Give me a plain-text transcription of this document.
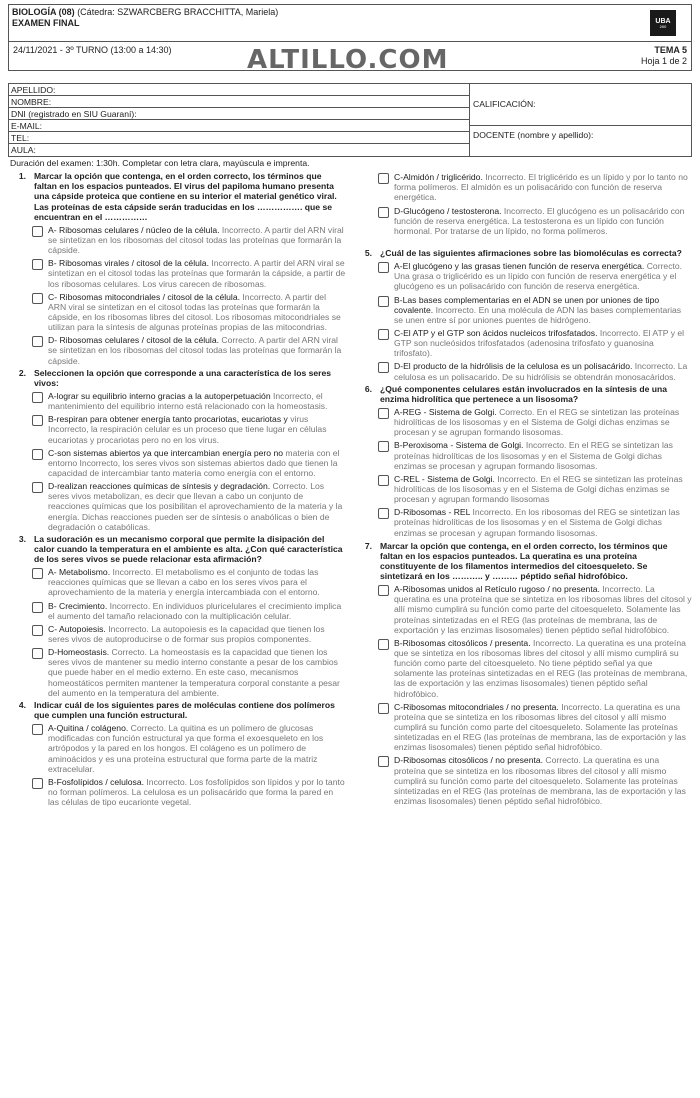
BIOLOGÍA (08) (Cátedra: SZWARCBERG BRACCHITTA, Mariela)
EXAMEN FINAL	UBA
200
24/11/2021 - 3º TURNO (13:00 a 14:30)	ALTILLO.COM	TEMA 5
Hoja 1 de 2
APELLIDO:
NOMBRE:
DNI (registrado en SIU Guaraní):
E-MAIL:
TEL:
AULA:
CALIFICACIÓN:
DOCENTE (nombre y apellido):
Duración del examen: 1:30h. Completar con letra clara, mayúscula e imprenta.
1. Marcar la opción que contenga, en el orden correcto, los términos que faltan en los espacios punteados. El virus del papiloma humano presenta una cápside proteica que contiene en su interior el material genético viral. Las proteínas de esta cápside serán traducidas en los ……………. que se encuentran en el ……………
A- Ribosomas celulares / núcleo de la célula. Incorrecto. A partir del ARN viral se sintetizan en los ribosomas del citosol todas las proteínas que formarán la cápside.
B- Ribosomas virales / citosol de la célula. Incorrecto. A partir del ARN viral se sintetizan en el citosol todas las proteínas que formarán la cápside, a partir de los ribosomas celulares. Los virus carecen de ribosomas.
C- Ribosomas mitocondriales / citosol de la célula. Incorrecto. A partir del ARN viral se sintetizan en el citosol todas las proteínas que formarán la cápside, en los ribosomas libres del citosol. Los ribosomas mitocondriales se utilizan para la síntesis de algunas proteínas propias de las mitocondrias.
D- Ribosomas celulares / citosol de la célula. Correcto. A partir del ARN viral se sintetizan en los ribosomas del citosol todas las proteínas que formarán la cápside.
2. Seleccionen la opción que corresponde a una característica de los seres vivos:
A-lograr su equilibrio interno gracias a la autoperpetuación Incorrecto, el mantenimiento del equilibrio interno está relacionado con la homeostasis.
B-respiran para obtener energía tanto procariotas, eucariotas y virus Incorrecto, la respiración celular es un proceso que tiene lugar en células eucariotas y procariotas pero no en los virus.
C-son sistemas abiertos ya que intercambian energía pero no materia con el entorno Incorrecto, los seres vivos son sistemas abiertos dado que tienen la capacidad de intercambiar tanto materia como energía con el entorno.
D-realizan reacciones químicas de síntesis y degradación. Correcto. Los seres vivos metabolizan, es decir que llevan a cabo un conjunto de reacciones químicas que los posibilitan el aprovechamiento de la materia y la energía. Dichas reacciones pueden ser de síntesis o anabólicas o bien de degradación o catabólicas.
3. La sudoración es un mecanismo corporal que permite la disipación del calor cuando la temperatura en el ambiente es alta. ¿Con qué característica de los seres vivos se puede relacionar esta afirmación?
A- Metabolismo. Incorrecto. El metabolismo es el conjunto de todas las reacciones químicas que se llevan a cabo en los seres vivos para el aprovechamiento de la materia y energía intercambiada con el entorno.
B- Crecimiento. Incorrecto. En individuos pluricelulares el crecimiento implica el aumento del tamaño relacionado con la multiplicación celular.
C- Autopoiesis. Incorrecto. La autopoiesis es la capacidad que tienen los seres vivos de autoproducirse o de formar sus propios componentes.
D-Homeostasis. Correcto. La homeostasis es la capacidad que tienen los seres vivos de mantener su medio interno constante a pesar de los cambios que puede haber en el medio externo. En este caso, mecanismos homeostáticos permiten mantener la temperatura corporal constante a pesar del aumento en la temperatura del ambiente.
4. Indicar cuál de los siguientes pares de moléculas contiene dos polímeros que cumplen una función estructural.
A-Quitina / colágeno. Correcto. La quitina es un polímero de glucosas modificadas con función estructural ya que forma el exoesqueleto en los artrópodos y la pared en los hongos. El colágeno es un polímero de aminoácidos y es una proteína estructural que forma parte de la matriz extracelular.
B-Fosfolípidos / celulosa. Incorrecto. Los fosfolípidos son lípidos y por lo tanto no forman polímeros. La celulosa es un polisacárido que forma la pared en las células de tipo eucarionte vegetal.
C-Almidón / triglicérido. Incorrecto. El triglicérido es un lípido y por lo tanto no forma polímeros. El almidón es un polisacárido con función de reserva energética.
D-Glucógeno / testosterona. Incorrecto. El glucógeno es un polisacárido con función de reserva energética. La testosterona es un lípido con función hormonal. Por tratarse de un lípido, no forma polímeros.
5. ¿Cuál de las siguientes afirmaciones sobre las biomoléculas es correcta?
A-El glucógeno y las grasas tienen función de reserva energética. Correcto. Una grasa o triglicérido es un lípido con función de reserva energética y el glucógeno es un polisacárido con función de reserva energética.
B-Las bases complementarias en el ADN se unen por uniones de tipo covalente. Incorrecto. En una molécula de ADN las bases complementarias se unen entre sí por uniones puentes de hidrógeno.
C-El ATP y el GTP son ácidos nucleicos trifosfatados. Incorrecto. El ATP y el GTP son nucleósidos trifosfatados (adenosina trifosfato y guanosina trifosfato).
D-El producto de la hidrólisis de la celulosa es un polisacárido. Incorrecto. La celulosa es un polisacarido. De su hidrólisis se obtendrán monosacáridos.
6. ¿Qué componentes celulares están involucrados en la síntesis de una enzima hidrolítica que pertenece a un lisosoma?
A-REG - Sistema de Golgi. Correcto. En el REG se sintetizan las proteínas hidrolíticas de los lisosomas y en el Sistema de Golgi dichas enzimas se procesan y se agrupan formando lisosomas.
B-Peroxisoma - Sistema de Golgi. Incorrecto. En el REG se sintetizan las proteínas hidrolíticas de los lisosomas y en el Sistema de Golgi dichas enzimas se procesan y agrupan formando lisosomas.
C-REL - Sistema de Golgi. Incorrecto. En el REG se sintetizan las proteínas hidrolíticas de los lisosomas y en el Sistema de Golgi dichas enzimas se procesan y agrupan formando lisosomas
D-Ribosomas - REL Incorrecto. En los ribosomas del REG se sintetizan las proteínas hidrolíticas de los lisosomas y en el Sistema de Golgi dichas enzimas se procesan y agrupan formando lisosomas.
7. Marcar la opción que contenga, en el orden correcto, los términos que faltan en los espacios punteados. La queratina es una proteína constituyente de los filamentos intermedios del citoesqueleto. Se sintetizará en los ……….. y ……… péptido señal hidrofóbico.
A-Ribosomas unidos al Retículo rugoso / no presenta. Incorrecto. La queratina es una proteína que se sintetiza en los ribosomas libres del citosol y allí mismo cumplirá su función como parte del citoesqueleto. Solamente las proteínas sintetizadas en el REG (las proteínas de membrana, las de exportación y las enzimas lisosomales) tienen péptido señal hidrofóbico.
B-Ribosomas citosólicos / presenta. Incorrecto. La queratina es una proteína que se sintetiza en los ribosomas libres del citosol y allí mismo cumplirá su función como parte del citoesqueleto. No tiene péptido señal ya que solamente las proteínas sintetizadas en el REG (las proteínas de membrana, las de exportación y las enzimas lisosomales) tienen péptido señal hidrofóbico.
C-Ribosomas mitocondriales / no presenta. Incorrecto. La queratina es una proteína que se sintetiza en los ribosomas libres del citosol y allí mismo cumplirá su función como parte del citoesqueleto. Solamente las proteínas sintetizadas en el REG (las proteínas de membrana, las de exportación y las enzimas lisosomales) tienen péptido señal hidrofóbico.
D-Ribosomas citosólicos / no presenta. Correcto. La queratina es una proteína que se sintetiza en los ribosomas libres del citosol y allí mismo cumplirá su función como parte del citoesqueleto. Solamente las proteínas sintetizadas en el REG (las proteínas de membrana, las de exportación y las enzimas lisosomales) tienen péptido señal hidrofóbico.
